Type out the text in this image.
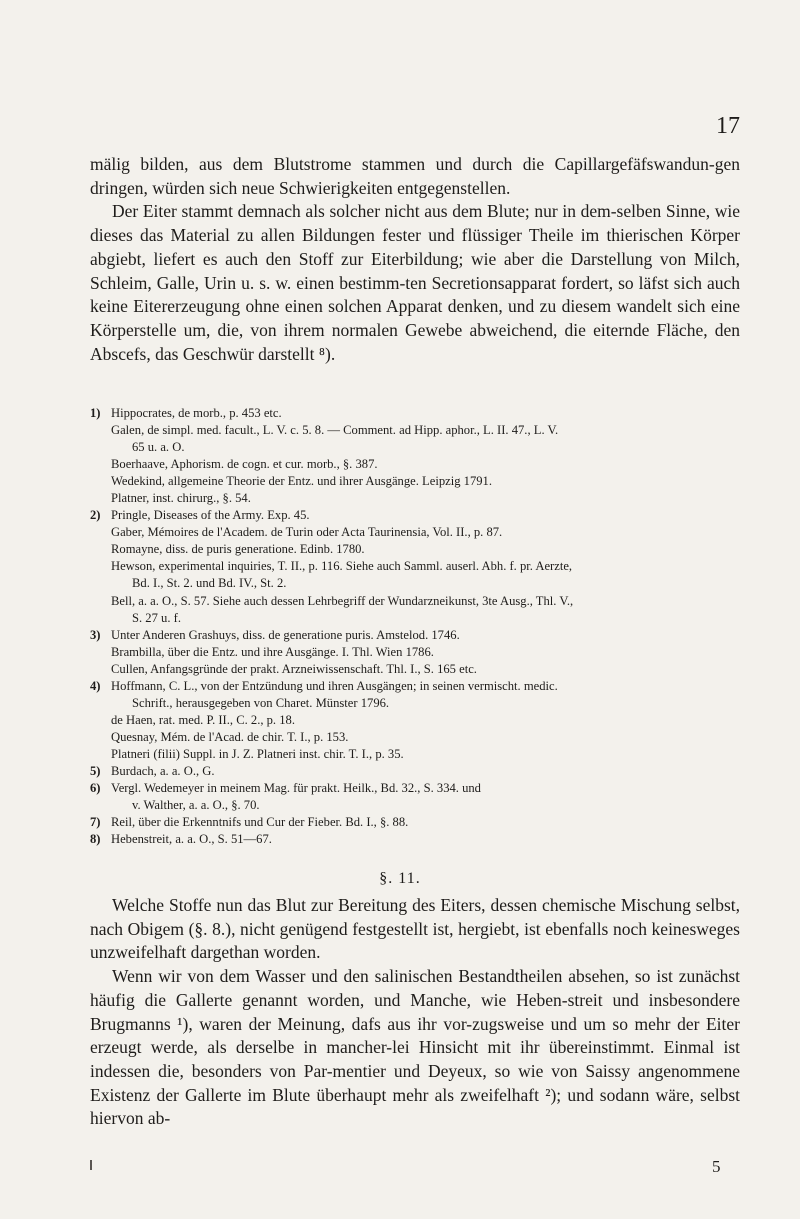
17

mälig bilden, aus dem Blutstrome stammen und durch die Capillargefäfswandun-gen dringen, würden sich neue Schwierigkeiten entgegenstellen.

Der Eiter stammt demnach als solcher nicht aus dem Blute; nur in dem-selben Sinne, wie dieses das Material zu allen Bildungen fester und flüssiger Theile im thierischen Körper abgiebt, liefert es auch den Stoff zur Eiterbildung; wie aber die Darstellung von Milch, Schleim, Galle, Urin u. s. w. einen bestimm-ten Secretionsapparat fordert, so läfst sich auch keine Eitererzeugung ohne einen solchen Apparat denken, und zu diesem wandelt sich eine Körperstelle um, die, von ihrem normalen Gewebe abweichend, die eiternde Fläche, den Abscefs, das Geschwür darstellt ⁸).

1) Hippocrates, de morb., p. 453 etc.
Galen, de simpl. med. facult., L. V. c. 5. 8. — Comment. ad Hipp. aphor., L. II. 47., L. V.
65 u. a. O.
Boerhaave, Aphorism. de cogn. et cur. morb., §. 387.
Wedekind, allgemeine Theorie der Entz. und ihrer Ausgänge. Leipzig 1791.
Platner, inst. chirurg., §. 54.
2) Pringle, Diseases of the Army. Exp. 45.
Gaber, Mémoires de l'Academ. de Turin oder Acta Taurinensia, Vol. II., p. 87.
Romayne, diss. de puris generatione. Edinb. 1780.
Hewson, experimental inquiries, T. II., p. 116. Siehe auch Samml. auserl. Abh. f. pr. Aerzte,
Bd. I., St. 2. und Bd. IV., St. 2.
Bell, a. a. O., S. 57. Siehe auch dessen Lehrbegriff der Wundarzneikunst, 3te Ausg., Thl. V.,
S. 27 u. f.
3) Unter Anderen Grashuys, diss. de generatione puris. Amstelod. 1746.
Brambilla, über die Entz. und ihre Ausgänge. I. Thl. Wien 1786.
Cullen, Anfangsgründe der prakt. Arzneiwissenschaft. Thl. I., S. 165 etc.
4) Hoffmann, C. L., von der Entzündung und ihren Ausgängen; in seinen vermischt. medic.
Schrift., herausgegeben von Charet. Münster 1796.
de Haen, rat. med. P. II., C. 2., p. 18.
Quesnay, Mém. de l'Acad. de chir. T. I., p. 153.
Platneri (filii) Suppl. in J. Z. Platneri inst. chir. T. I., p. 35.
5) Burdach, a. a. O., G.
6) Vergl. Wedemeyer in meinem Mag. für prakt. Heilk., Bd. 32., S. 334. und
v. Walther, a. a. O., §. 70.
7) Reil, über die Erkenntnifs und Cur der Fieber. Bd. I., §. 88.
8) Hebenstreit, a. a. O., S. 51—67.
§. 11.

Welche Stoffe nun das Blut zur Bereitung des Eiters, dessen chemische Mischung selbst, nach Obigem (§. 8.), nicht genügend festgestellt ist, hergiebt, ist ebenfalls noch keinesweges unzweifelhaft dargethan worden.

Wenn wir von dem Wasser und den salinischen Bestandtheilen absehen, so ist zunächst häufig die Gallerte genannt worden, und Manche, wie Heben-streit und insbesondere Brugmanns ¹), waren der Meinung, dafs aus ihr vor-zugsweise und um so mehr der Eiter erzeugt werde, als derselbe in mancher-lei Hinsicht mit ihr übereinstimmt. Einmal ist indessen die, besonders von Par-mentier und Deyeux, so wie von Saissy angenommene Existenz der Gallerte im Blute überhaupt mehr als zweifelhaft ²); und sodann wäre, selbst hiervon ab-

5
